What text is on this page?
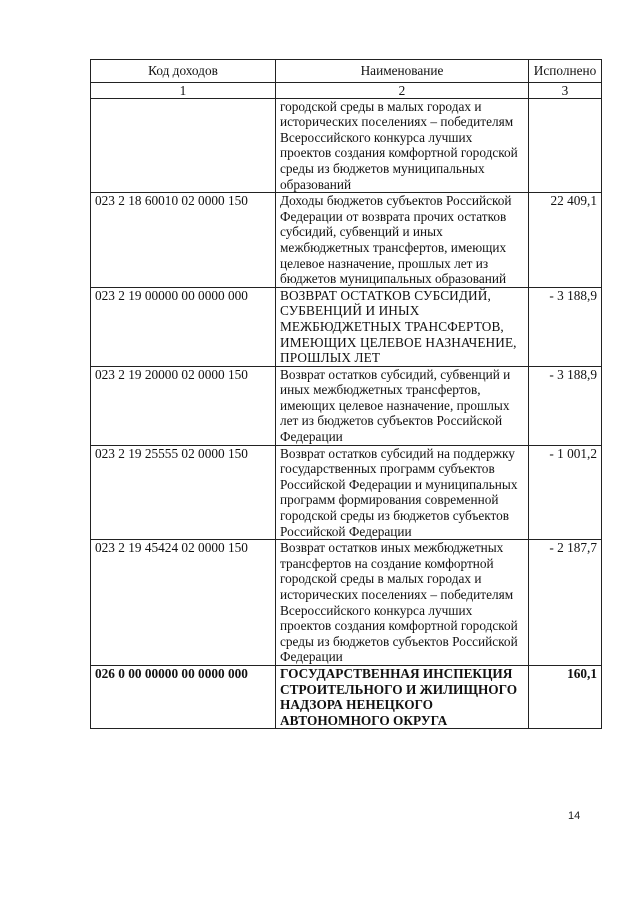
Код доходов	Наименование	Исполнено
1	2	3
	городской среды в малых городах и исторических поселениях – победителям Всероссийского конкурса лучших проектов создания комфортной городской среды из бюджетов муниципальных образований	
023 2 18 60010 02 0000 150	Доходы бюджетов субъектов Российской Федерации от возврата прочих остатков субсидий, субвенций и иных межбюджетных трансфертов, имеющих целевое назначение, прошлых лет из бюджетов муниципальных образований	22 409,1
023 2 19 00000 00 0000 000	ВОЗВРАТ ОСТАТКОВ СУБСИДИЙ, СУБВЕНЦИЙ И ИНЫХ МЕЖБЮДЖЕТНЫХ ТРАНСФЕРТОВ, ИМЕЮЩИХ ЦЕЛЕВОЕ НАЗНАЧЕНИЕ, ПРОШЛЫХ ЛЕТ	- 3 188,9
023 2 19 20000 02 0000 150	Возврат остатков субсидий, субвенций и иных межбюджетных трансфертов, имеющих целевое назначение, прошлых лет из бюджетов субъектов Российской Федерации	- 3 188,9
023 2 19 25555 02 0000 150	Возврат остатков субсидий на поддержку государственных программ субъектов Российской Федерации и муниципальных программ формирования современной городской среды из бюджетов субъектов Российской Федерации	- 1 001,2
023 2 19 45424 02 0000 150	Возврат остатков иных межбюджетных трансфертов на создание комфортной городской среды в малых городах и исторических поселениях – победителям Всероссийского конкурса лучших проектов создания комфортной городской среды из бюджетов субъектов Российской Федерации	- 2 187,7
026 0 00 00000 00 0000 000	ГОСУДАРСТВЕННАЯ ИНСПЕКЦИЯ СТРОИТЕЛЬНОГО И ЖИЛИЩНОГО НАДЗОРА НЕНЕЦКОГО АВТОНОМНОГО ОКРУГА	160,1
14
